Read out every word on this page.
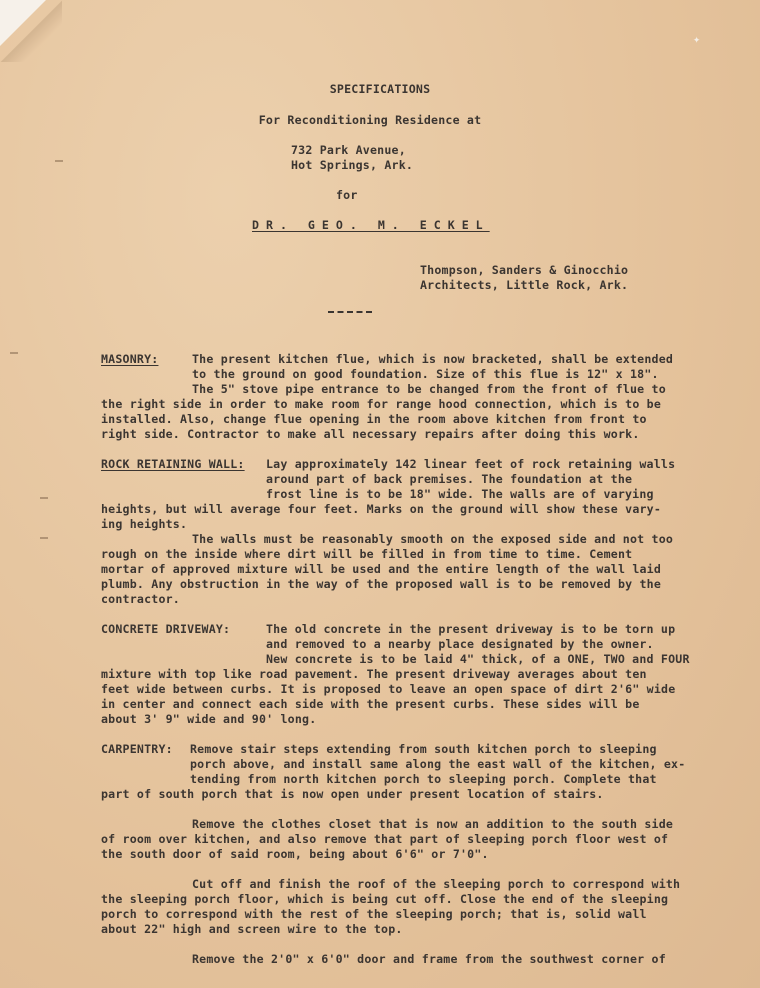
✦
SPECIFICATIONS
For Reconditioning Residence at
732 Park Avenue,
Hot Springs, Ark.
for
DR. GEO. M. ECKEL
Thompson, Sanders & Ginocchio
Architects, Little Rock, Ark.
MASONRY:	The present kitchen flue, which is now bracketed, shall be extended
to the ground on good foundation. Size of this flue is 12" x 18".
The 5" stove pipe entrance to be changed from the front of flue to
the right side in order to make room for range hood connection, which is to be
installed. Also, change flue opening in the room above kitchen from front to
right side. Contractor to make all necessary repairs after doing this work.
ROCK RETAINING WALL: Lay approximately 142 linear feet of rock retaining walls
around part of back premises. The foundation at the
frost line is to be 18" wide. The walls are of varying
heights, but will average four feet. Marks on the ground will show these vary-
ing heights.
The walls must be reasonably smooth on the exposed side and not too
rough on the inside where dirt will be filled in from time to time. Cement
mortar of approved mixture will be used and the entire length of the wall laid
plumb. Any obstruction in the way of the proposed wall is to be removed by the
contractor.
CONCRETE DRIVEWAY:	The old concrete in the present driveway is to be torn up
and removed to a nearby place designated by the owner.
New concrete is to be laid 4" thick, of a ONE, TWO and FOUR
mixture with top like road pavement. The present driveway averages about ten
feet wide between curbs. It is proposed to leave an open space of dirt 2'6" wide
in center and connect each side with the present curbs. These sides will be
about 3' 9" wide and 90' long.
CARPENTRY: Remove stair steps extending from south kitchen porch to sleeping
porch above, and install same along the east wall of the kitchen, ex-
tending from north kitchen porch to sleeping porch. Complete that
part of south porch that is now open under present location of stairs.
Remove the clothes closet that is now an addition to the south side
of room over kitchen, and also remove that part of sleeping porch floor west of
the south door of said room, being about 6'6" or 7'0".
Cut off and finish the roof of the sleeping porch to correspond with
the sleeping porch floor, which is being cut off. Close the end of the sleeping
porch to correspond with the rest of the sleeping porch; that is, solid wall
about 22" high and screen wire to the top.
Remove the 2'0" x 6'0" door and frame from the southwest corner of
